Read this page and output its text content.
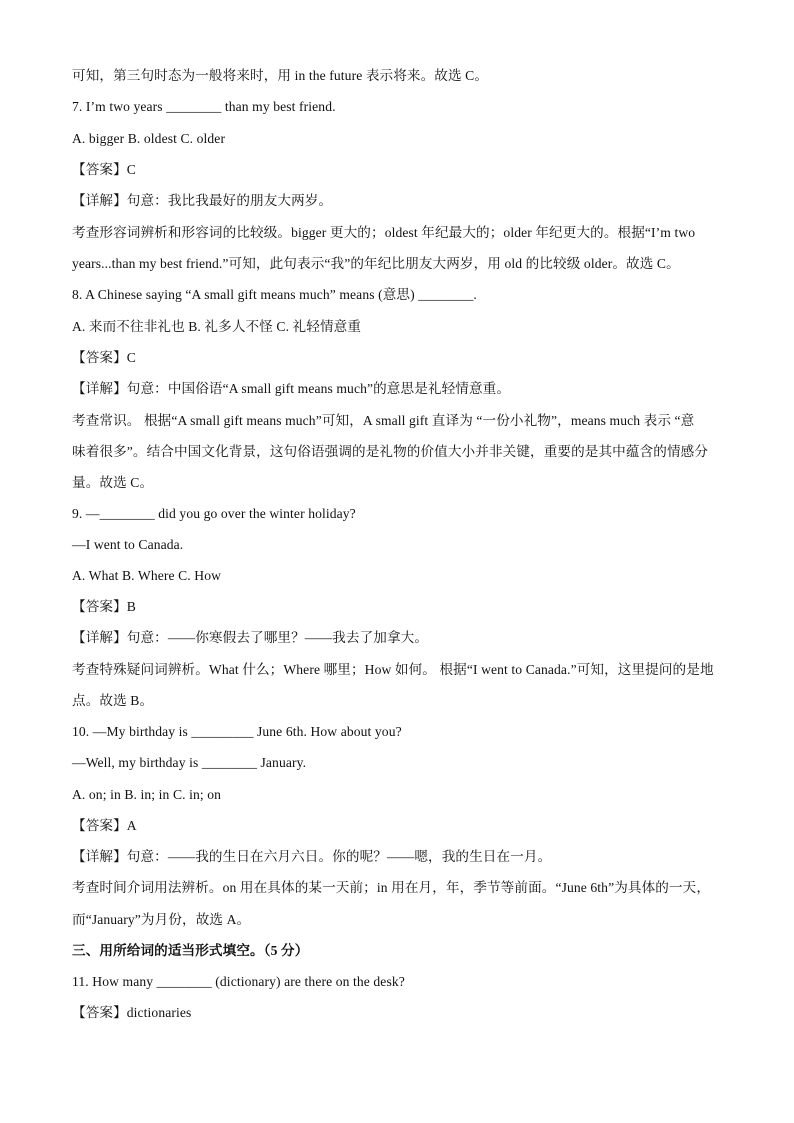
可知，第三句时态为一般将来时，用 in the future 表示将来。故选 C。
7. I’m two years ________ than my best friend.
A. bigger B. oldest C. older
【答案】C
【详解】句意：我比我最好的朋友大两岁。
考查形容词辨析和形容词的比较级。bigger 更大的；oldest 年纪最大的；older 年纪更大的。根据“I’m two
years...than my best friend.”可知，此句表示“我”的年纪比朋友大两岁，用 old 的比较级 older。故选 C。
8. A Chinese saying “A small gift means much” means (意思) ________.
A. 来而不往非礼也 B. 礼多人不怪 C. 礼轻情意重
【答案】C
【详解】句意：中国俗语“A small gift means much”的意思是礼轻情意重。
考查常识。 根据“A small gift means much”可知，A small gift 直译为 “一份小礼物”，means much 表示 “意
味着很多”。结合中国文化背景，这句俗语强调的是礼物的价值大小并非关键，重要的是其中蕴含的情感分
量。故选 C。
9. —________ did you go over the winter holiday?
—I went to Canada.
A. What B. Where C. How
【答案】B
【详解】句意：——你寒假去了哪里？——我去了加拿大。
考查特殊疑问词辨析。What 什么；Where 哪里；How 如何。 根据“I went to Canada.”可知，这里提问的是地
点。故选 B。
10. —My birthday is _________ June 6th. How about you?
—Well, my birthday is ________ January.
A. on; in B. in; in C. in; on
【答案】A
【详解】句意：——我的生日在六月六日。你的呢？——嗯，我的生日在一月。
考查时间介词用法辨析。on 用在具体的某一天前；in 用在月，年，季节等前面。“June 6th”为具体的一天，
而“January”为月份，故选 A。
三、用所给词的适当形式填空。（5 分）
11. How many ________ (dictionary) are there on the desk?
【答案】dictionaries
